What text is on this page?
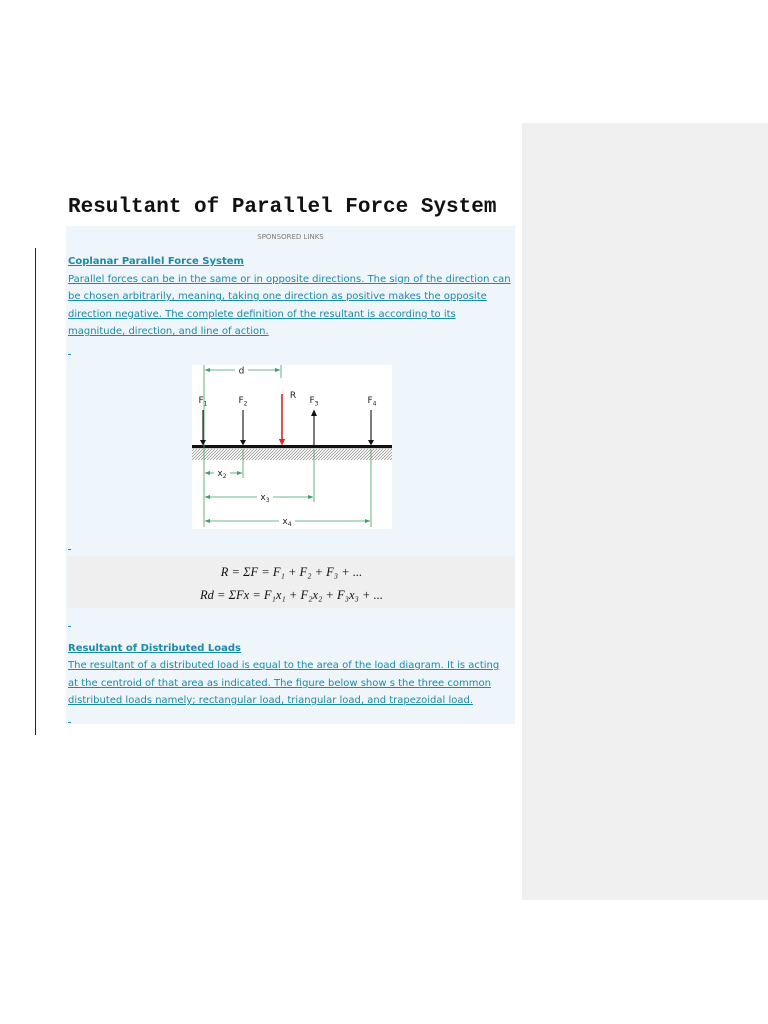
Resultant of Parallel Force System
SPONSORED LINKS
Coplanar Parallel Force System

Parallel forces can be in the same or in opposite directions. The sign of the direction can
be chosen arbitrarily, meaning, taking one direction as positive makes the opposite
direction negative. The complete definition of the resultant is according to its
magnitude, direction, and line of action.

d
$F_1$	$F_2$
R $F_3$	$F_4$
$x_2$
$x_3$
$x_4$
R = ΣF = F₁ + F₂ + F₃ + ...
Rd = ΣFx = F₁x₁ + F₂x₂ + F₃x₃ + ...
Resultant of Distributed Loads

The resultant of a distributed load is equal to the area of the load diagram. It is acting
at the centroid of that area as indicated. The figure below show s the three common
distributed loads namely; rectangular load, triangular load, and trapezoidal load.
